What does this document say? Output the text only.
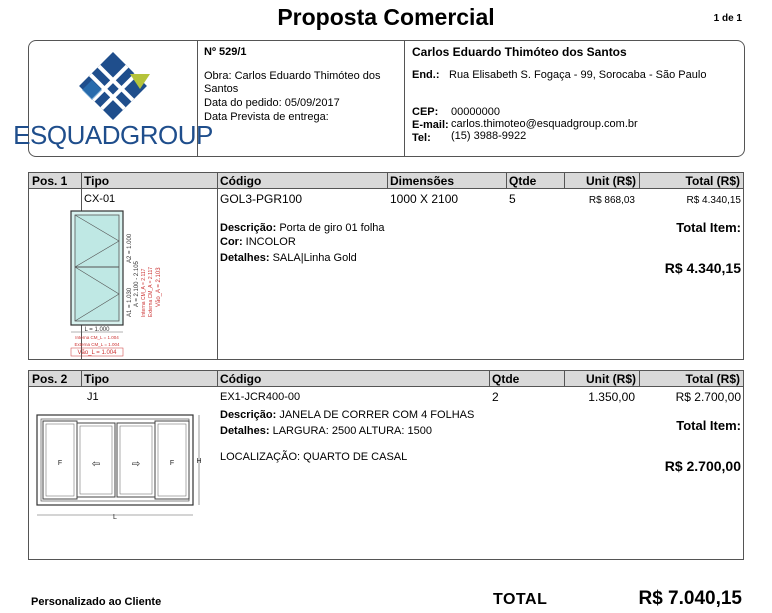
Proposta Comercial	1 de 1
ESQUADGROUP
Nº 529/1
Obra: Carlos Eduardo Thimóteo dos Santos
Data do pedido: 05/09/2017
Data Prevista de entrega:
Carlos Eduardo Thimóteo dos Santos
End.: Rua Elisabeth S. Fogaça - 99, Sorocaba - São Paulo
CEP: 00000000
E-mail: carlos.thimoteo@esquadgroup.com.br
Tel: (15) 3988-9922
Pos. 1 Tipo	Código	Dimensões	Qtde	Unit (R$)	Total (R$)
CX-01	GOL3-PGR100	1000 X 2100	5	R$ 868,03	R$ 4.340,15
Descrição: Porta de giro 01 folha
Cor: INCOLOR
Detalhes: SALA|Linha Gold
Total Item:
R$ 4.340,15
L = 1.000
Interna CM_L = 1.004
Externa CM_L = 1.004
Vão_L = 1.004
A1 = 1.030
A2 = 1.000
A = 2.100 - 2.105 Interna CM_A = 2.117 Externa CM_A = 2.117 Vão_A = 2.103
Pos. 2 Tipo	Código	Qtde	Unit (R$)	Total (R$)
J1	EX1-JCR400-00	2	1.350,00	R$ 2.700,00
Descrição: JANELA DE CORRER COM 4 FOLHAS
Detalhes: LARGURA: 2500 ALTURA: 1500
LOCALIZAÇÃO: QUARTO DE CASAL
Total Item:
R$ 2.700,00
F	⇦	⇨	F	H
L
Personalizado ao Cliente	TOTAL	R$ 7.040,15
